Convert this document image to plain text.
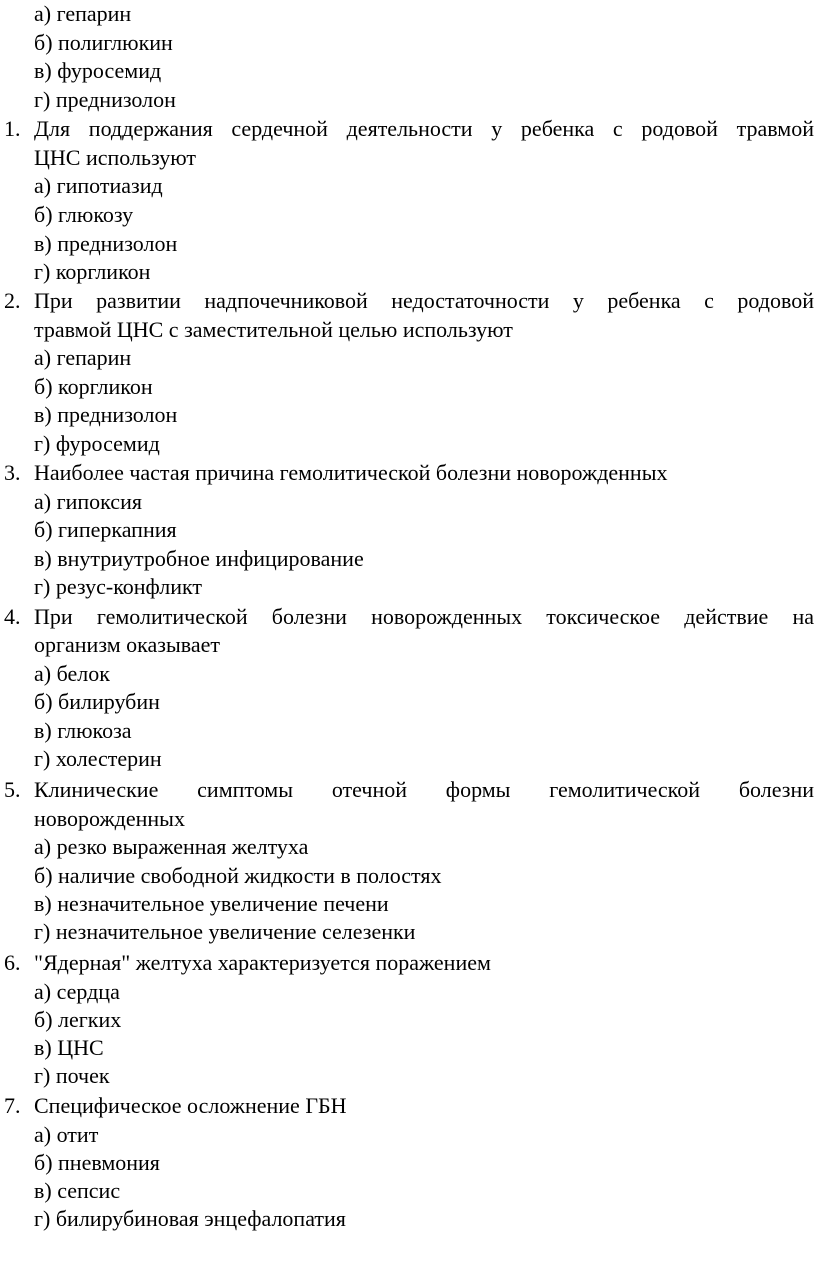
а) гепарин
б) полиглюкин
в) фуросемид
г) преднизолон
1. Для поддержания сердечной деятельности у ребенка с родовой травмой
ЦНС используют
а) гипотиазид
б) глюкозу
в) преднизолон
г) коргликон
2. При развитии надпочечниковой недостаточности у ребенка с родовой
травмой ЦНС с заместительной целью используют
а) гепарин
б) коргликон
в) преднизолон
г) фуросемид
3. Наиболее частая причина гемолитической болезни новорожденных
а) гипоксия
б) гиперкапния
в) внутриутробное инфицирование
г) резус-конфликт
4. При гемолитической болезни новорожденных токсическое действие на
организм оказывает
а) белок
б) билирубин
в) глюкоза
г) холестерин
5. Клинические симптомы отечной формы гемолитической болезни
новорожденных
а) резко выраженная желтуха
б) наличие свободной жидкости в полостях
в) незначительное увеличение печени
г) незначительное увеличение селезенки
6. "Ядерная" желтуха характеризуется поражением
а) сердца
б) легких
в) ЦНС
г) почек
7. Специфическое осложнение ГБН
а) отит
б) пневмония
в) сепсис
г) билирубиновая энцефалопатия
